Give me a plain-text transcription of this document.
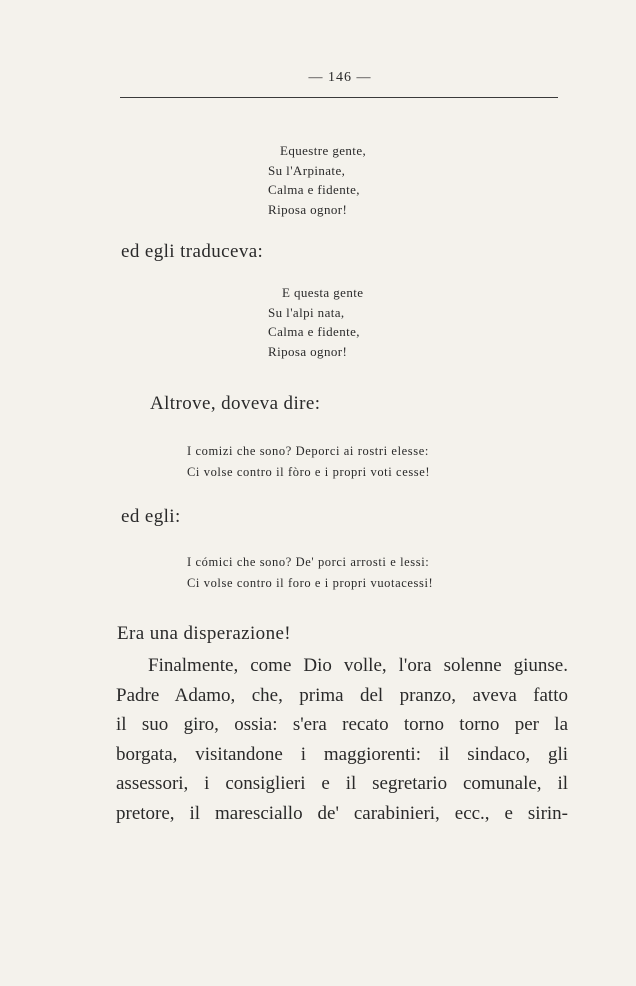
— 146 —
Equestre gente,
Su l'Arpinate,
Calma e fidente,
Riposa ognor!
ed egli traduceva:
E questa gente
Su l'alpi nata,
Calma e fidente,
Riposa ognor!
Altrove, doveva dire:
I comizi che sono? Deporci ai rostri elesse:
Ci volse contro il fòro e i propri voti cesse!
ed egli:
I cómici che sono? De' porci arrosti e lessi:
Ci volse contro il foro e i propri vuotacessi!
Era una disperazione!
Finalmente, come Dio volle, l'ora solenne giunse.
Padre Adamo, che, prima del pranzo, aveva fatto
il suo giro, ossia: s'era recato torno torno per la
borgata, visitandone i maggiorenti: il sindaco, gli
assessori, i consiglieri e il segretario comunale, il
pretore, il maresciallo de' carabinieri, ecc., e sirin-
